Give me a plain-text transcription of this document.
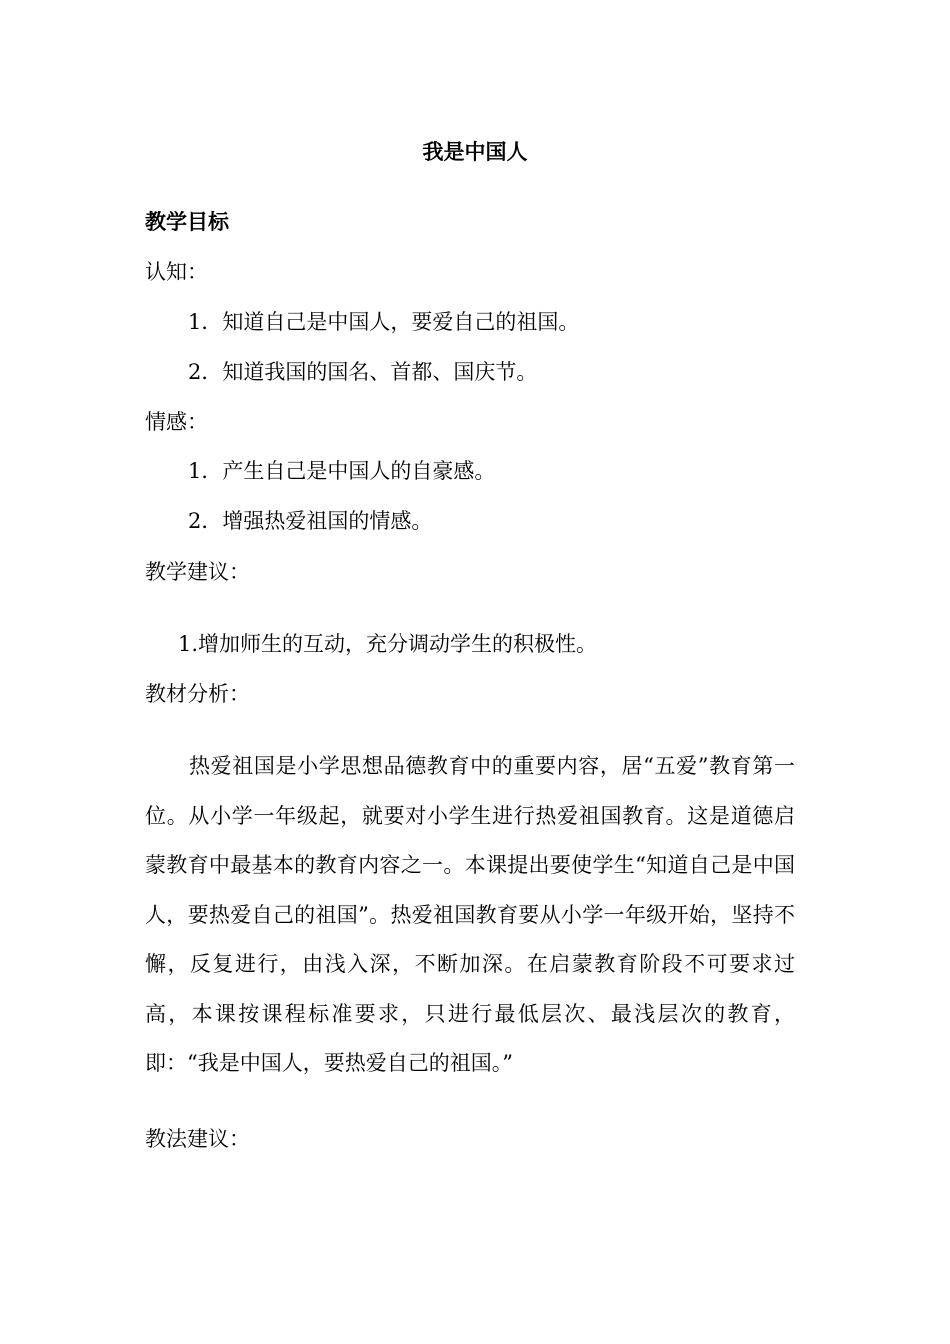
我是中国人
教学目标
认知：
1．知道自己是中国人，要爱自己的祖国。
2．知道我国的国名、首都、国庆节。
情感：
1．产生自己是中国人的自豪感。
2．增强热爱祖国的情感。
教学建议：
1.增加师生的互动，充分调动学生的积极性。
教材分析：
热爱祖国是小学思想品德教育中的重要内容，居“五爱”教育第一位。从小学一年级起，就要对小学生进行热爱祖国教育。这是道德启蒙教育中最基本的教育内容之一。本课提出要使学生“知道自己是中国人，要热爱自己的祖国”。热爱祖国教育要从小学一年级开始，坚持不懈，反复进行，由浅入深，不断加深。在启蒙教育阶段不可要求过高，本课按课程标准要求，只进行最低层次、最浅层次的教育，即：“我是中国人，要热爱自己的祖国。”
教法建议：
